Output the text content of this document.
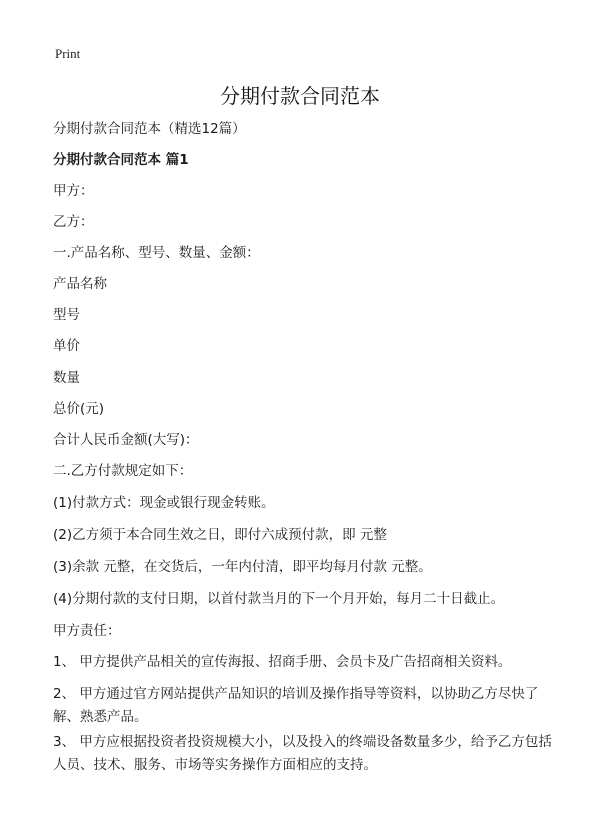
Print
分期付款合同范本
分期付款合同范本（精选12篇）
分期付款合同范本 篇1
甲方：
乙方：
一.产品名称、型号、数量、金额：
产品名称
型号
单价
数量
总价(元)
合计人民币金额(大写)：
二.乙方付款规定如下：
(1)付款方式：现金或银行现金转账。
(2)乙方须于本合同生效之日，即付六成预付款，即 元整
(3)余款 元整，在交货后，一年内付清，即平均每月付款 元整。
(4)分期付款的支付日期，以首付款当月的下一个月开始，每月二十日截止。
甲方责任：
1、 甲方提供产品相关的宣传海报、招商手册、会员卡及广告招商相关资料。
2、 甲方通过官方网站提供产品知识的培训及操作指导等资料，以协助乙方尽快了解、熟悉产品。
3、 甲方应根据投资者投资规模大小，以及投入的终端设备数量多少，给予乙方包括人员、技术、服务、市场等实务操作方面相应的支持。
